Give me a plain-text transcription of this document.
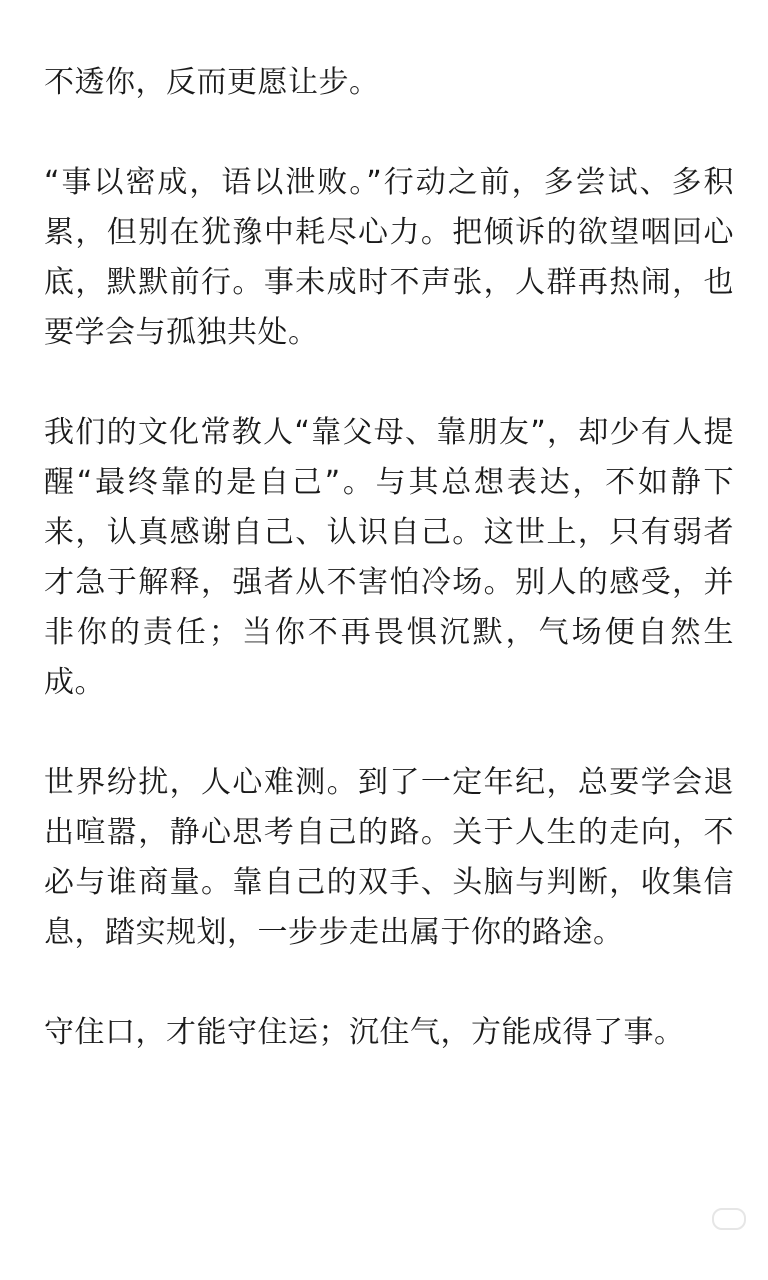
不透你，反而更愿让步。

“事以密成，语以泄败。”行动之前，多尝试、多积累，但别在犹豫中耗尽心力。把倾诉的欲望咽回心底，默默前行。事未成时不声张，人群再热闹，也要学会与孤独共处。

我们的文化常教人“靠父母、靠朋友”，却少有人提醒“最终靠的是自己”。与其总想表达，不如静下来，认真感谢自己、认识自己。这世上，只有弱者才急于解释，强者从不害怕冷场。别人的感受，并非你的责任；当你不再畏惧沉默，气场便自然生成。

世界纷扰，人心难测。到了一定年纪，总要学会退出喧嚣，静心思考自己的路。关于人生的走向，不必与谁商量。靠自己的双手、头脑与判断，收集信息，踏实规划，一步步走出属于你的路途。

守住口，才能守住运；沉住气，方能成得了事。
